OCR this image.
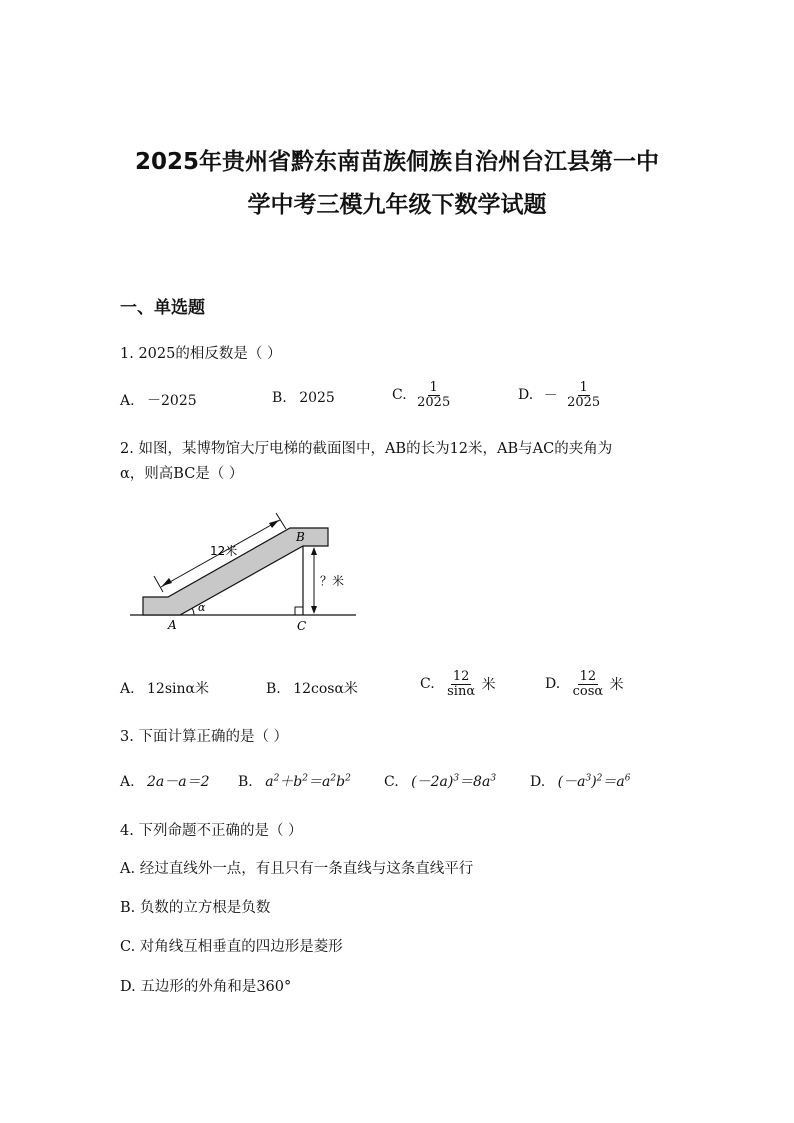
2025年贵州省黔东南苗族侗族自治州台江县第一中
学中考三模九年级下数学试题
一、单选题
1. 2025的相反数是（ ）
A. －2025	B. 2025	C. $\frac{1}{2025}$	D. － $\frac{1}{2025}$
2. 如图，某博物馆大厅电梯的截面图中，AB的长为12米，AB与AC的夹角为
α，则高BC是（ ）
12米
？米
A
B
C
α
A. 12sinα米	B. 12cosα米	C. $\frac{12}{\sin\alpha}$ 米	D. $\frac{12}{\cos\alpha}$ 米
3. 下面计算正确的是（ ）
A. 2a－a＝2 B. $a^2+b^2=a^2b^2$ C. $(-2a)^3=8a^3$ D. $(-a^3)^2=a^6$
4. 下列命题不正确的是（ ）
A. 经过直线外一点，有且只有一条直线与这条直线平行
B. 负数的立方根是负数
C. 对角线互相垂直的四边形是菱形
D. 五边形的外角和是360°
